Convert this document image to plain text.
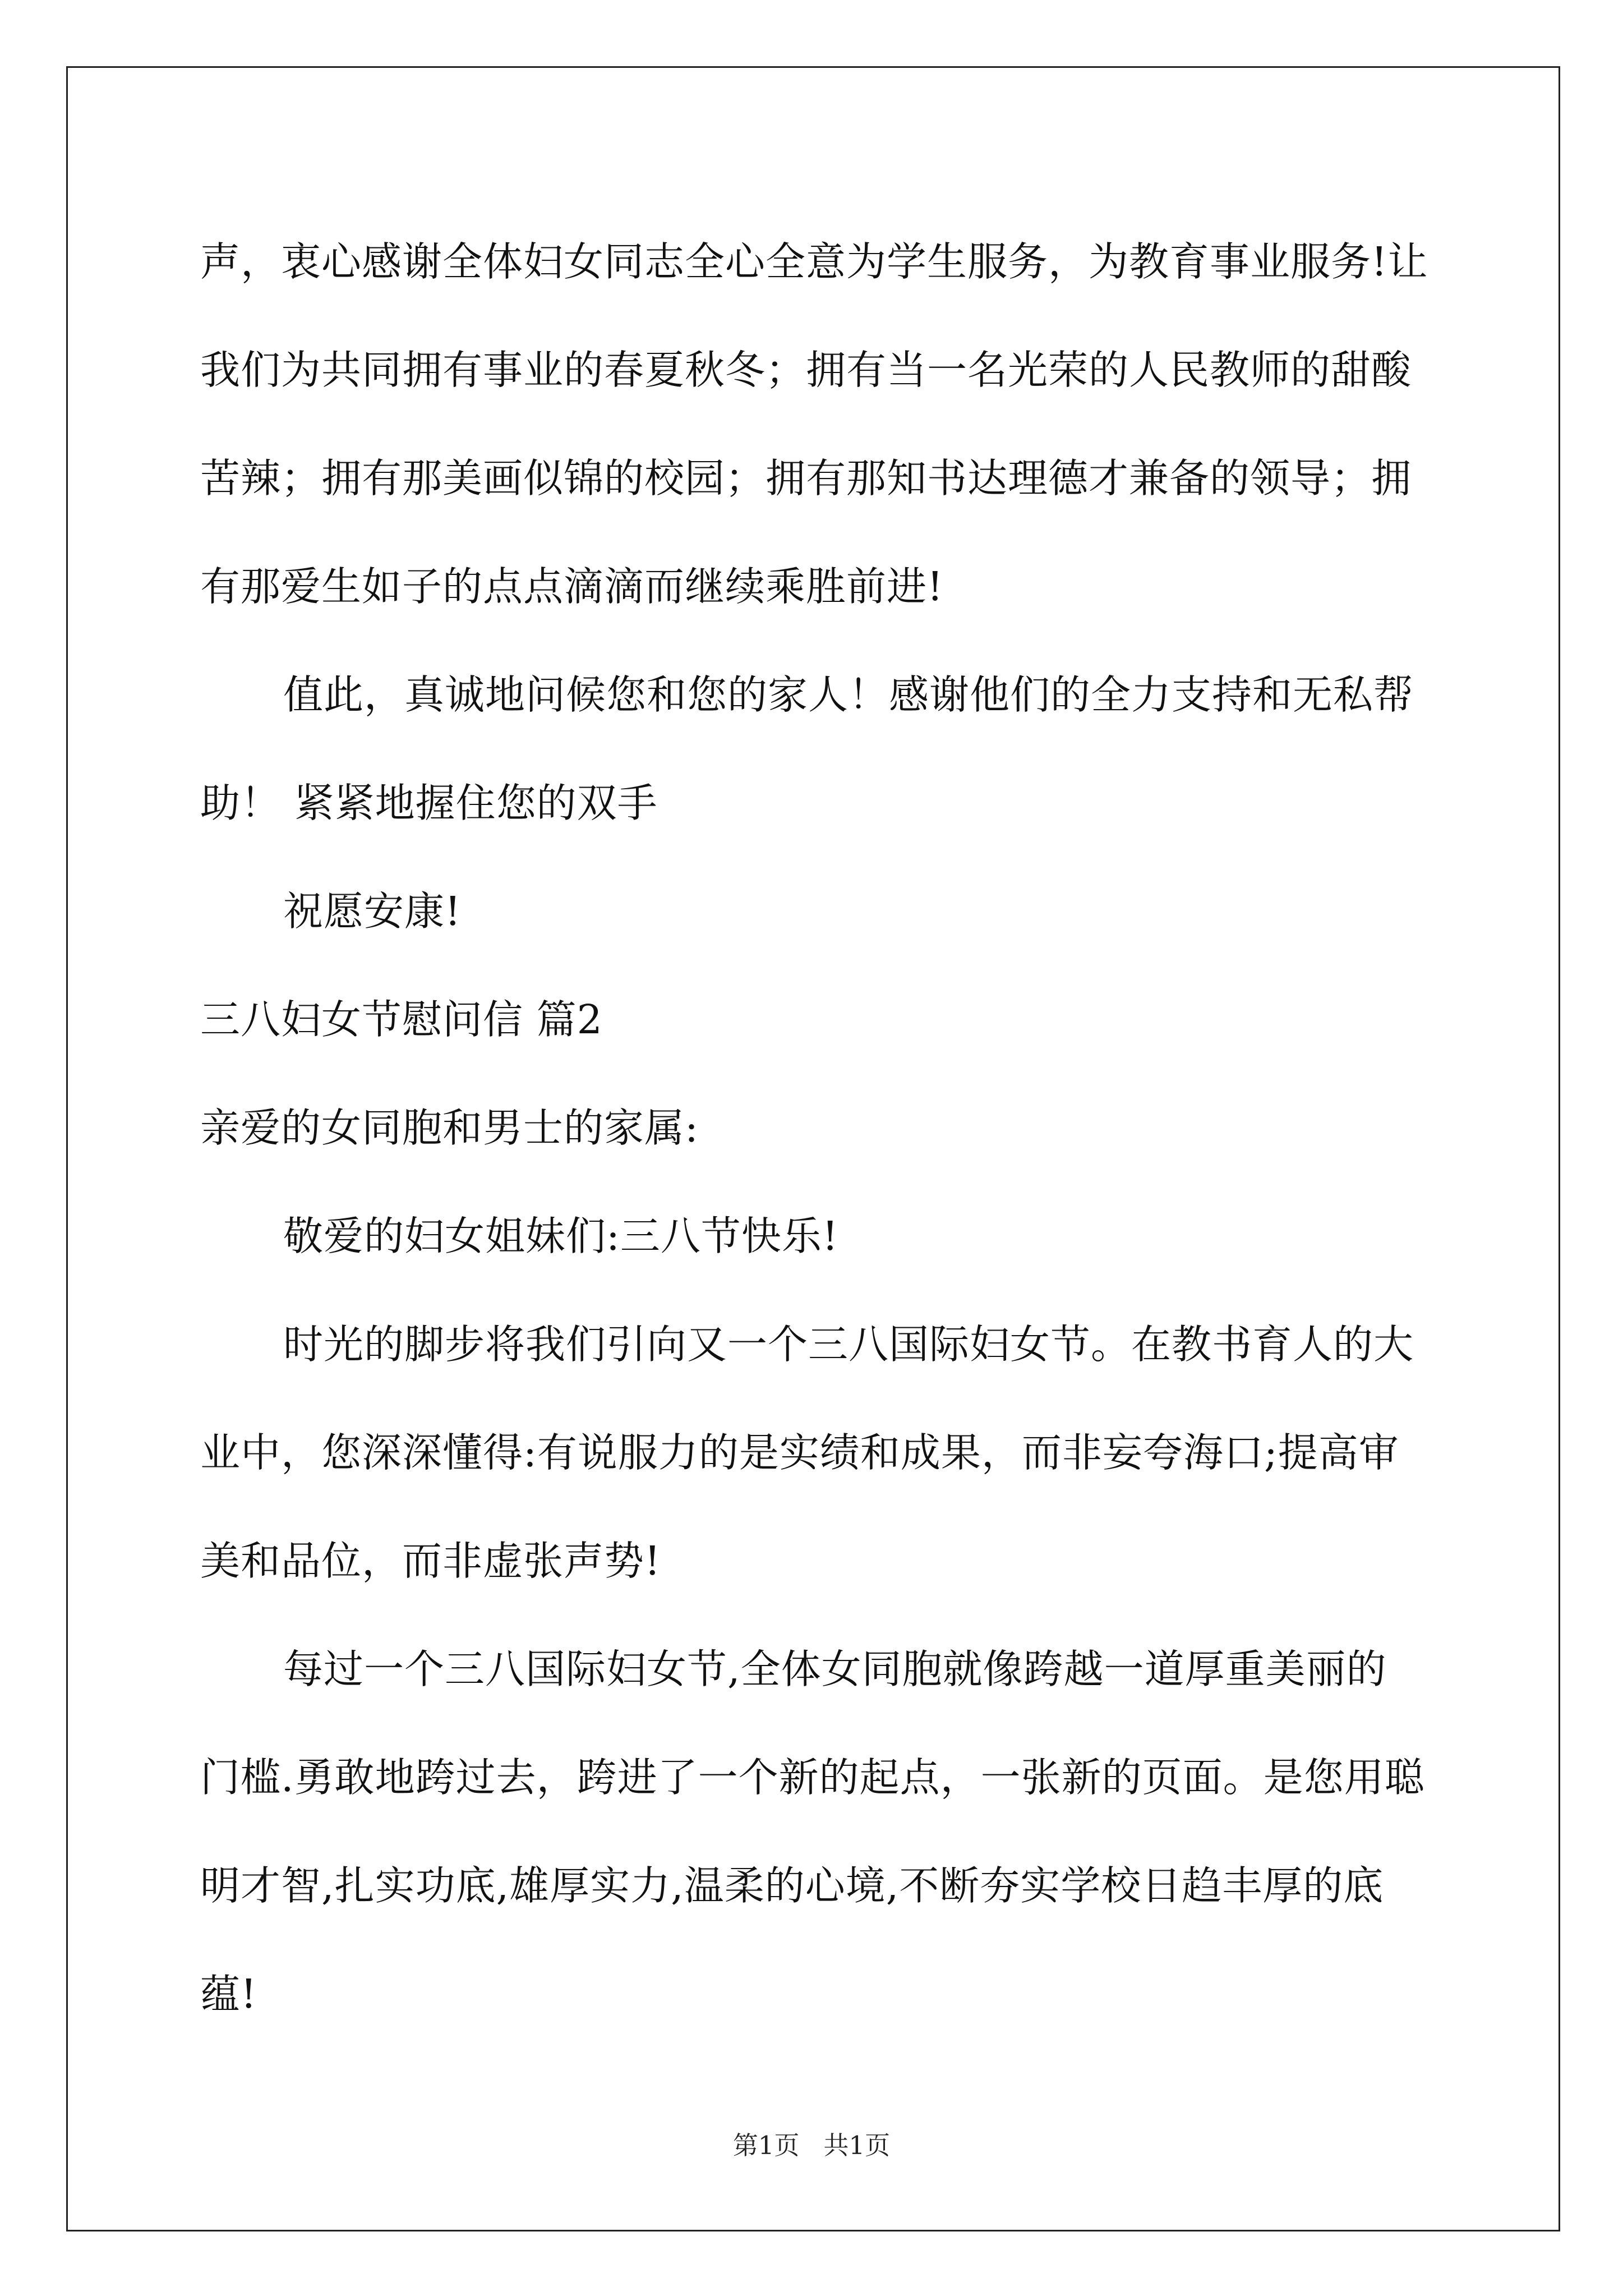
声，衷心感谢全体妇女同志全心全意为学生服务，为教育事业服务!让
我们为共同拥有事业的春夏秋冬；拥有当一名光荣的人民教师的甜酸
苦辣；拥有那美画似锦的校园；拥有那知书达理德才兼备的领导；拥
有那爱生如子的点点滴滴而继续乘胜前进!
值此，真诚地问候您和您的家人！感谢他们的全力支持和无私帮
助！ 紧紧地握住您的双手
祝愿安康!
三八妇女节慰问信 篇2
亲爱的女同胞和男士的家属:
敬爱的妇女姐妹们:三八节快乐!
时光的脚步将我们引向又一个三八国际妇女节。在教书育人的大
业中，您深深懂得:有说服力的是实绩和成果，而非妄夸海口;提高审
美和品位，而非虚张声势!
每过一个三八国际妇女节,全体女同胞就像跨越一道厚重美丽的
门槛.勇敢地跨过去，跨进了一个新的起点，一张新的页面。是您用聪
明才智,扎实功底,雄厚实力,温柔的心境,不断夯实学校日趋丰厚的底
蕴!
第1页   共1页
